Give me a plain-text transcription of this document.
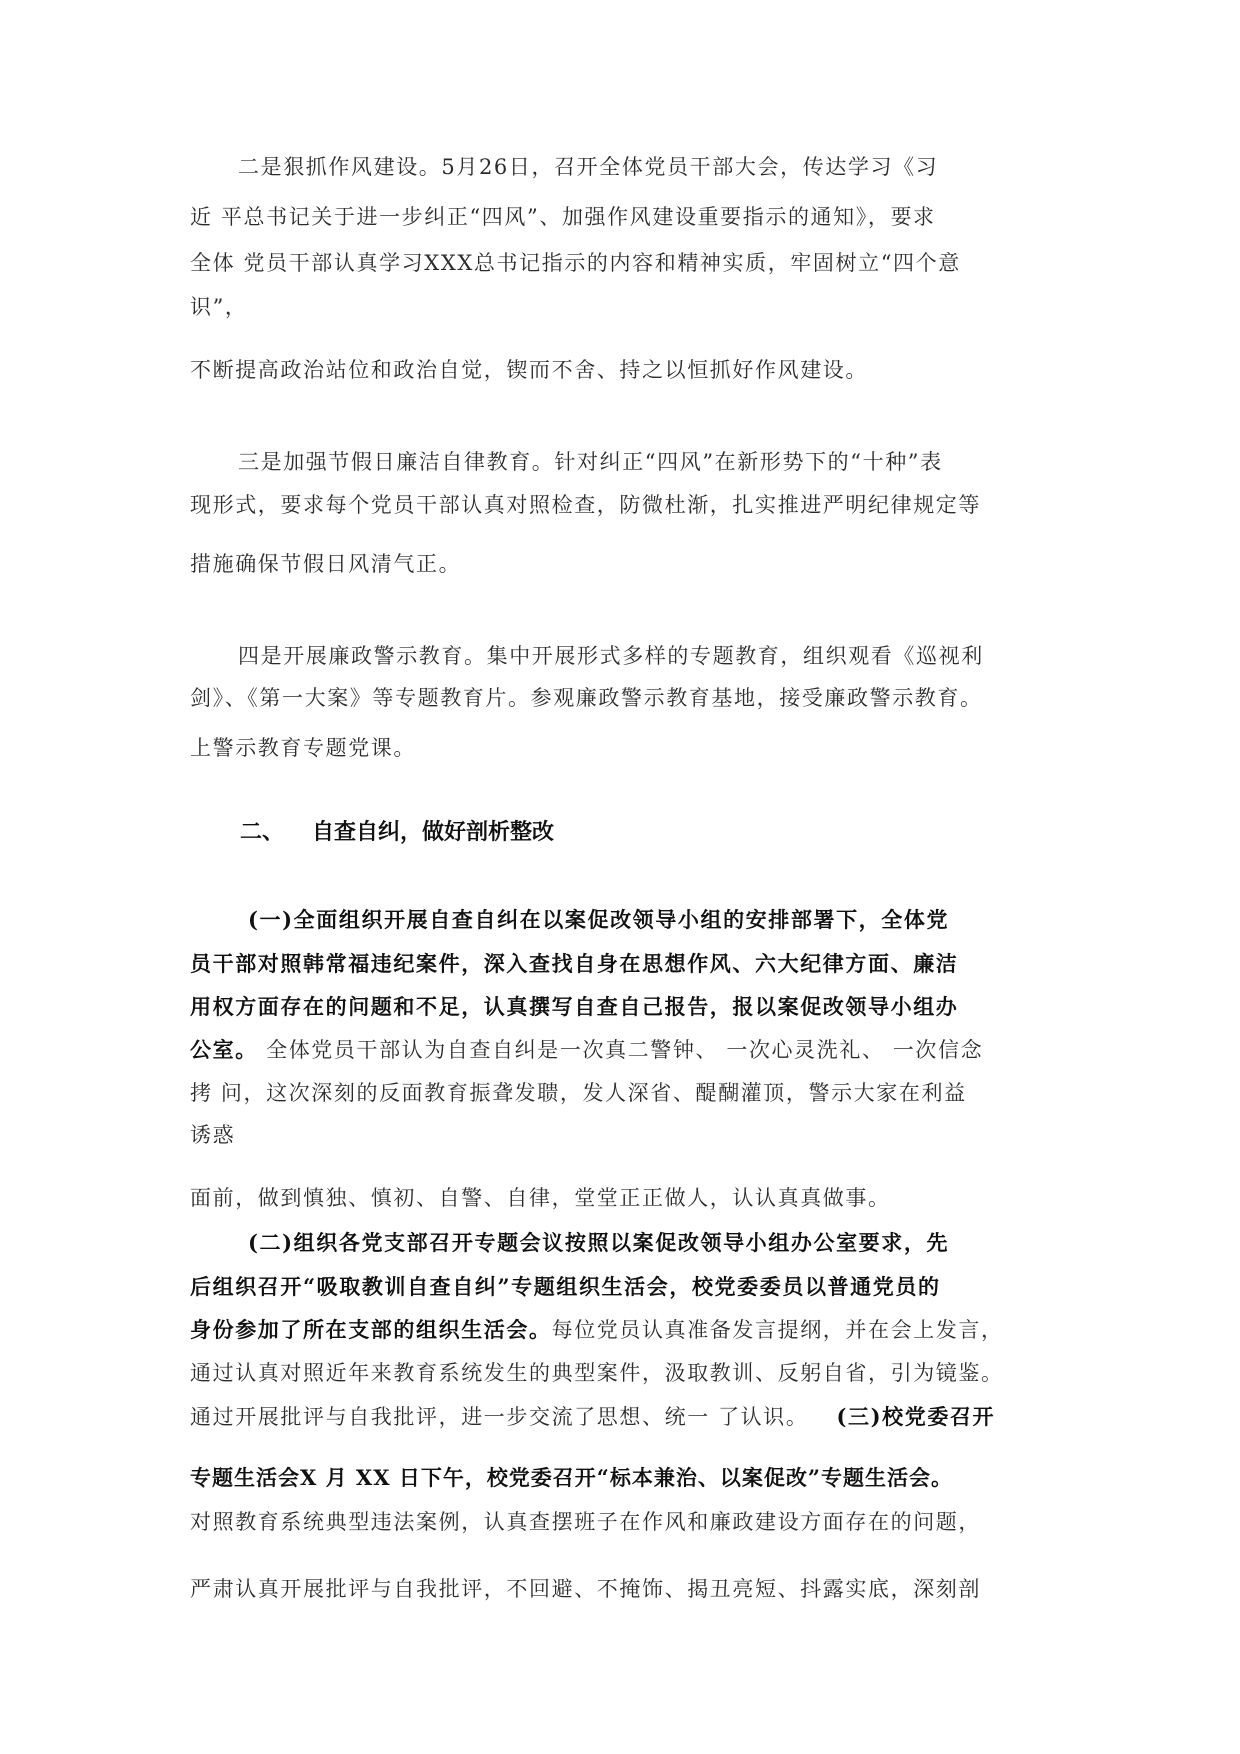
二是狠抓作风建设。5月26日，召开全体党员干部大会，传达学习《习
近 平总书记关于进一步纠正“四风”、加强作风建设重要指示的通知》，要求
全体 党员干部认真学习XXX总书记指示的内容和精神实质，牢固树立“四个意
识”，
不断提高政治站位和政治自觉，锲而不舍、持之以恒抓好作风建设。
三是加强节假日廉洁自律教育。针对纠正“四风”在新形势下的“十种”表
现形式，要求每个党员干部认真对照检查，防微杜渐，扎实推进严明纪律规定等
措施确保节假日风清气正。
四是开展廉政警示教育。集中开展形式多样的专题教育，组织观看《巡视利
剑》、《第一大案》等专题教育片。参观廉政警示教育基地，接受廉政警示教育。
上警示教育专题党课。
二、 自查自纠，做好剖析整改
(一)全面组织开展自查自纠在以案促改领导小组的安排部署下，全体党
员干部对照韩常福违纪案件，深入查找自身在思想作风、六大纪律方面、廉洁
用权方面存在的问题和不足，认真撰写自查自己报告，报以案促改领导小组办
公室。 全体党员干部认为自查自纠是一次真二警钟、 一次心灵洗礼、 一次信念
拷 问，这次深刻的反面教育振聋发聩，发人深省、醍醐灌顶，警示大家在利益
诱惑
面前，做到慎独、慎初、自警、自律，堂堂正正做人，认认真真做事。
(二)组织各党支部召开专题会议按照以案促改领导小组办公室要求，先
后组织召开“吸取教训自查自纠”专题组织生活会，校党委委员以普通党员的
身份参加了所在支部的组织生活会。每位党员认真准备发言提纲，并在会上发言，
通过认真对照近年来教育系统发生的典型案件，汲取教训、反躬自省，引为镜鉴。
通过开展批评与自我批评，进一步交流了思想、统一 了认识。 (三)校党委召开
专题生活会X 月 XX 日下午，校党委召开“标本兼治、以案促改”专题生活会。
对照教育系统典型违法案例，认真查摆班子在作风和廉政建设方面存在的问题，
严肃认真开展批评与自我批评，不回避、不掩饰、揭丑亮短、抖露实底，深刻剖
